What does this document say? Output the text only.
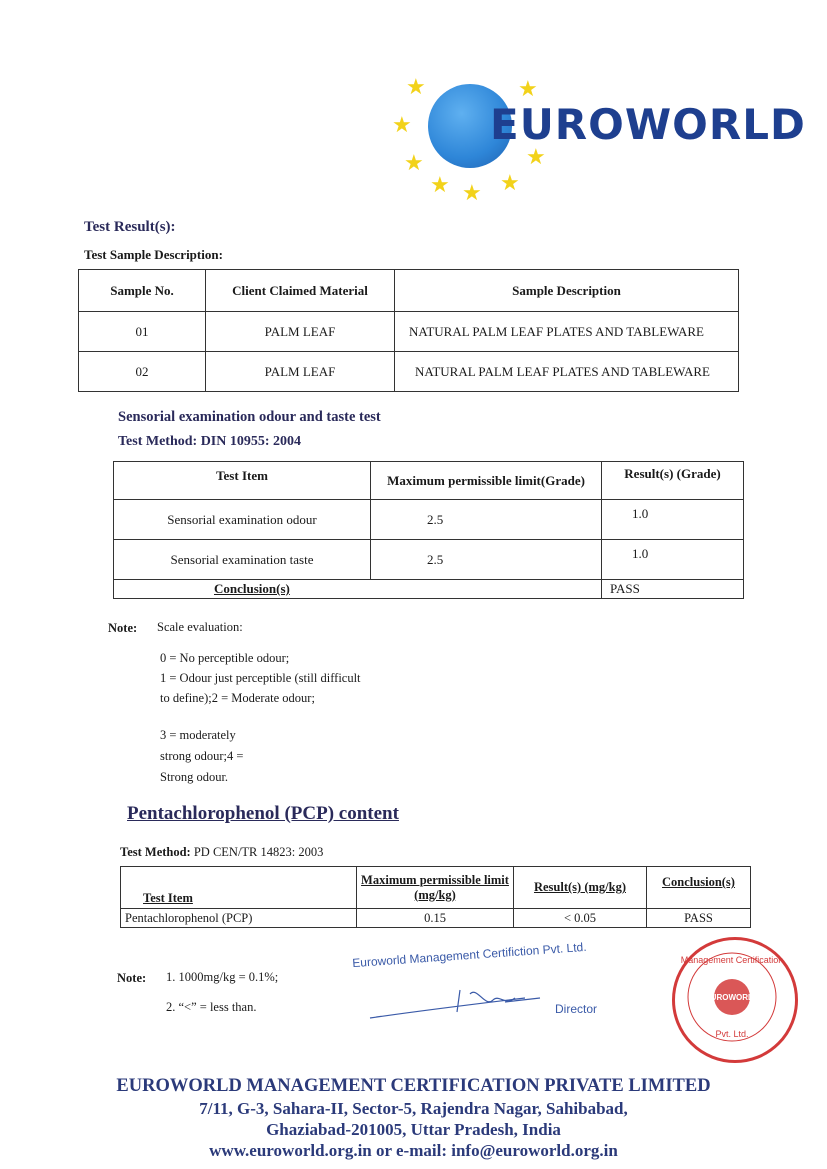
★	★
★
★
★
★ ★ ★
EUROWORLD
Test Result(s):
Test Sample Description:
Sample No.	Client Claimed Material	Sample Description
01	PALM LEAF	NATURAL PALM LEAF PLATES AND TABLEWARE
02	PALM LEAF	NATURAL PALM LEAF PLATES AND TABLEWARE
Sensorial examination odour and taste test
Test Method: DIN 10955: 2004
Test Item	Maximum permissible limit(Grade)	Result(s) (Grade)
Sensorial examination odour	2.5	1.0
Sensorial examination taste	2.5	1.0
Conclusion(s)		PASS
Note: Scale evaluation:
0 = No perceptible odour;
1 = Odour just perceptible (still difficult
to define);2 = Moderate odour;
3 = moderately
strong odour;4 =
Strong odour.
Pentachlorophenol (PCP) content
Test Method: PD CEN/TR 14823: 2003
Test Item	Maximum permissible limit (mg/kg)	Result(s) (mg/kg)	Conclusion(s)
Pentachlorophenol (PCP)	0.15	< 0.05	PASS
Note: 1. 1000mg/kg = 0.1%;
2. “<” = less than.
Euroworld Management Certifiction Pvt. Ltd.
Director
EUROWORLD
Management Certification
Pvt. Ltd.
EUROWORLD MANAGEMENT CERTIFICATION PRIVATE LIMITED
7/11, G-3, Sahara-II, Sector-5, Rajendra Nagar, Sahibabad,
Ghaziabad-201005, Uttar Pradesh, India
www.euroworld.org.in or e-mail: info@euroworld.org.in
